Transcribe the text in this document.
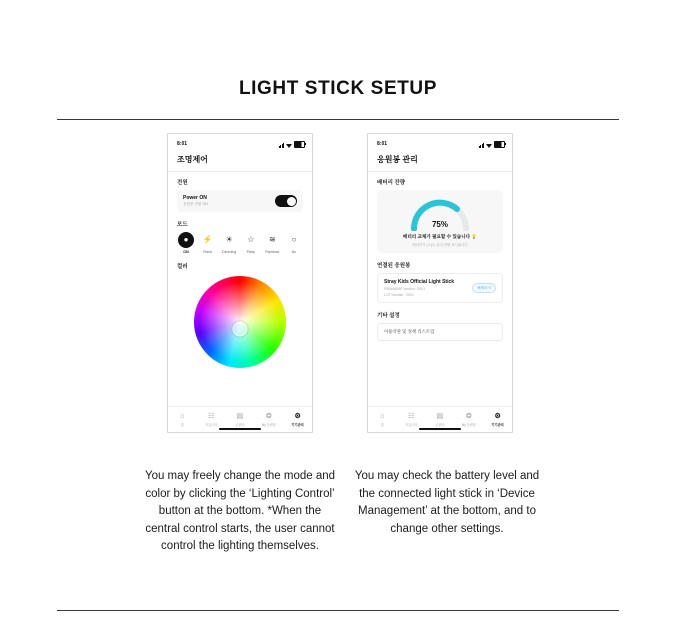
LIGHT STICK SETUP
8:01
조명제어
전원
Power ON
응원봉 전원 ON
모드
●
ON
⚡
Flash
☀
Dimming
☆
Party
≋
Rainbow
○
No
컬러
⌂
홈
☷
커뮤니티
▤
콘텐츠
❂
My 응원봉
⚙
기기관리
8:01
응원봉 관리
배터리 잔량
75%
배터리 교체가 필요할 수 있습니다 💡
배터리가 (으)로 되어 잔량 표시됩니다
연결된 응원봉
Stray Kids Official Light Stick
FIRMWARE Version : 0001
LOT Number : 0001
해제하기
기타 설정
이용약관 및 정책 리스트업
⌂
홈
☷
커뮤니티
▤
콘텐츠
❂
My 응원봉
⚙
기기관리
You may freely change the mode and color by clicking the ‘Lighting Control’ button at the bottom. *When the central control starts, the user cannot control the lighting themselves.
You may check the battery level and the connected light stick in ‘Device Management’ at the bottom, and to change other settings.
